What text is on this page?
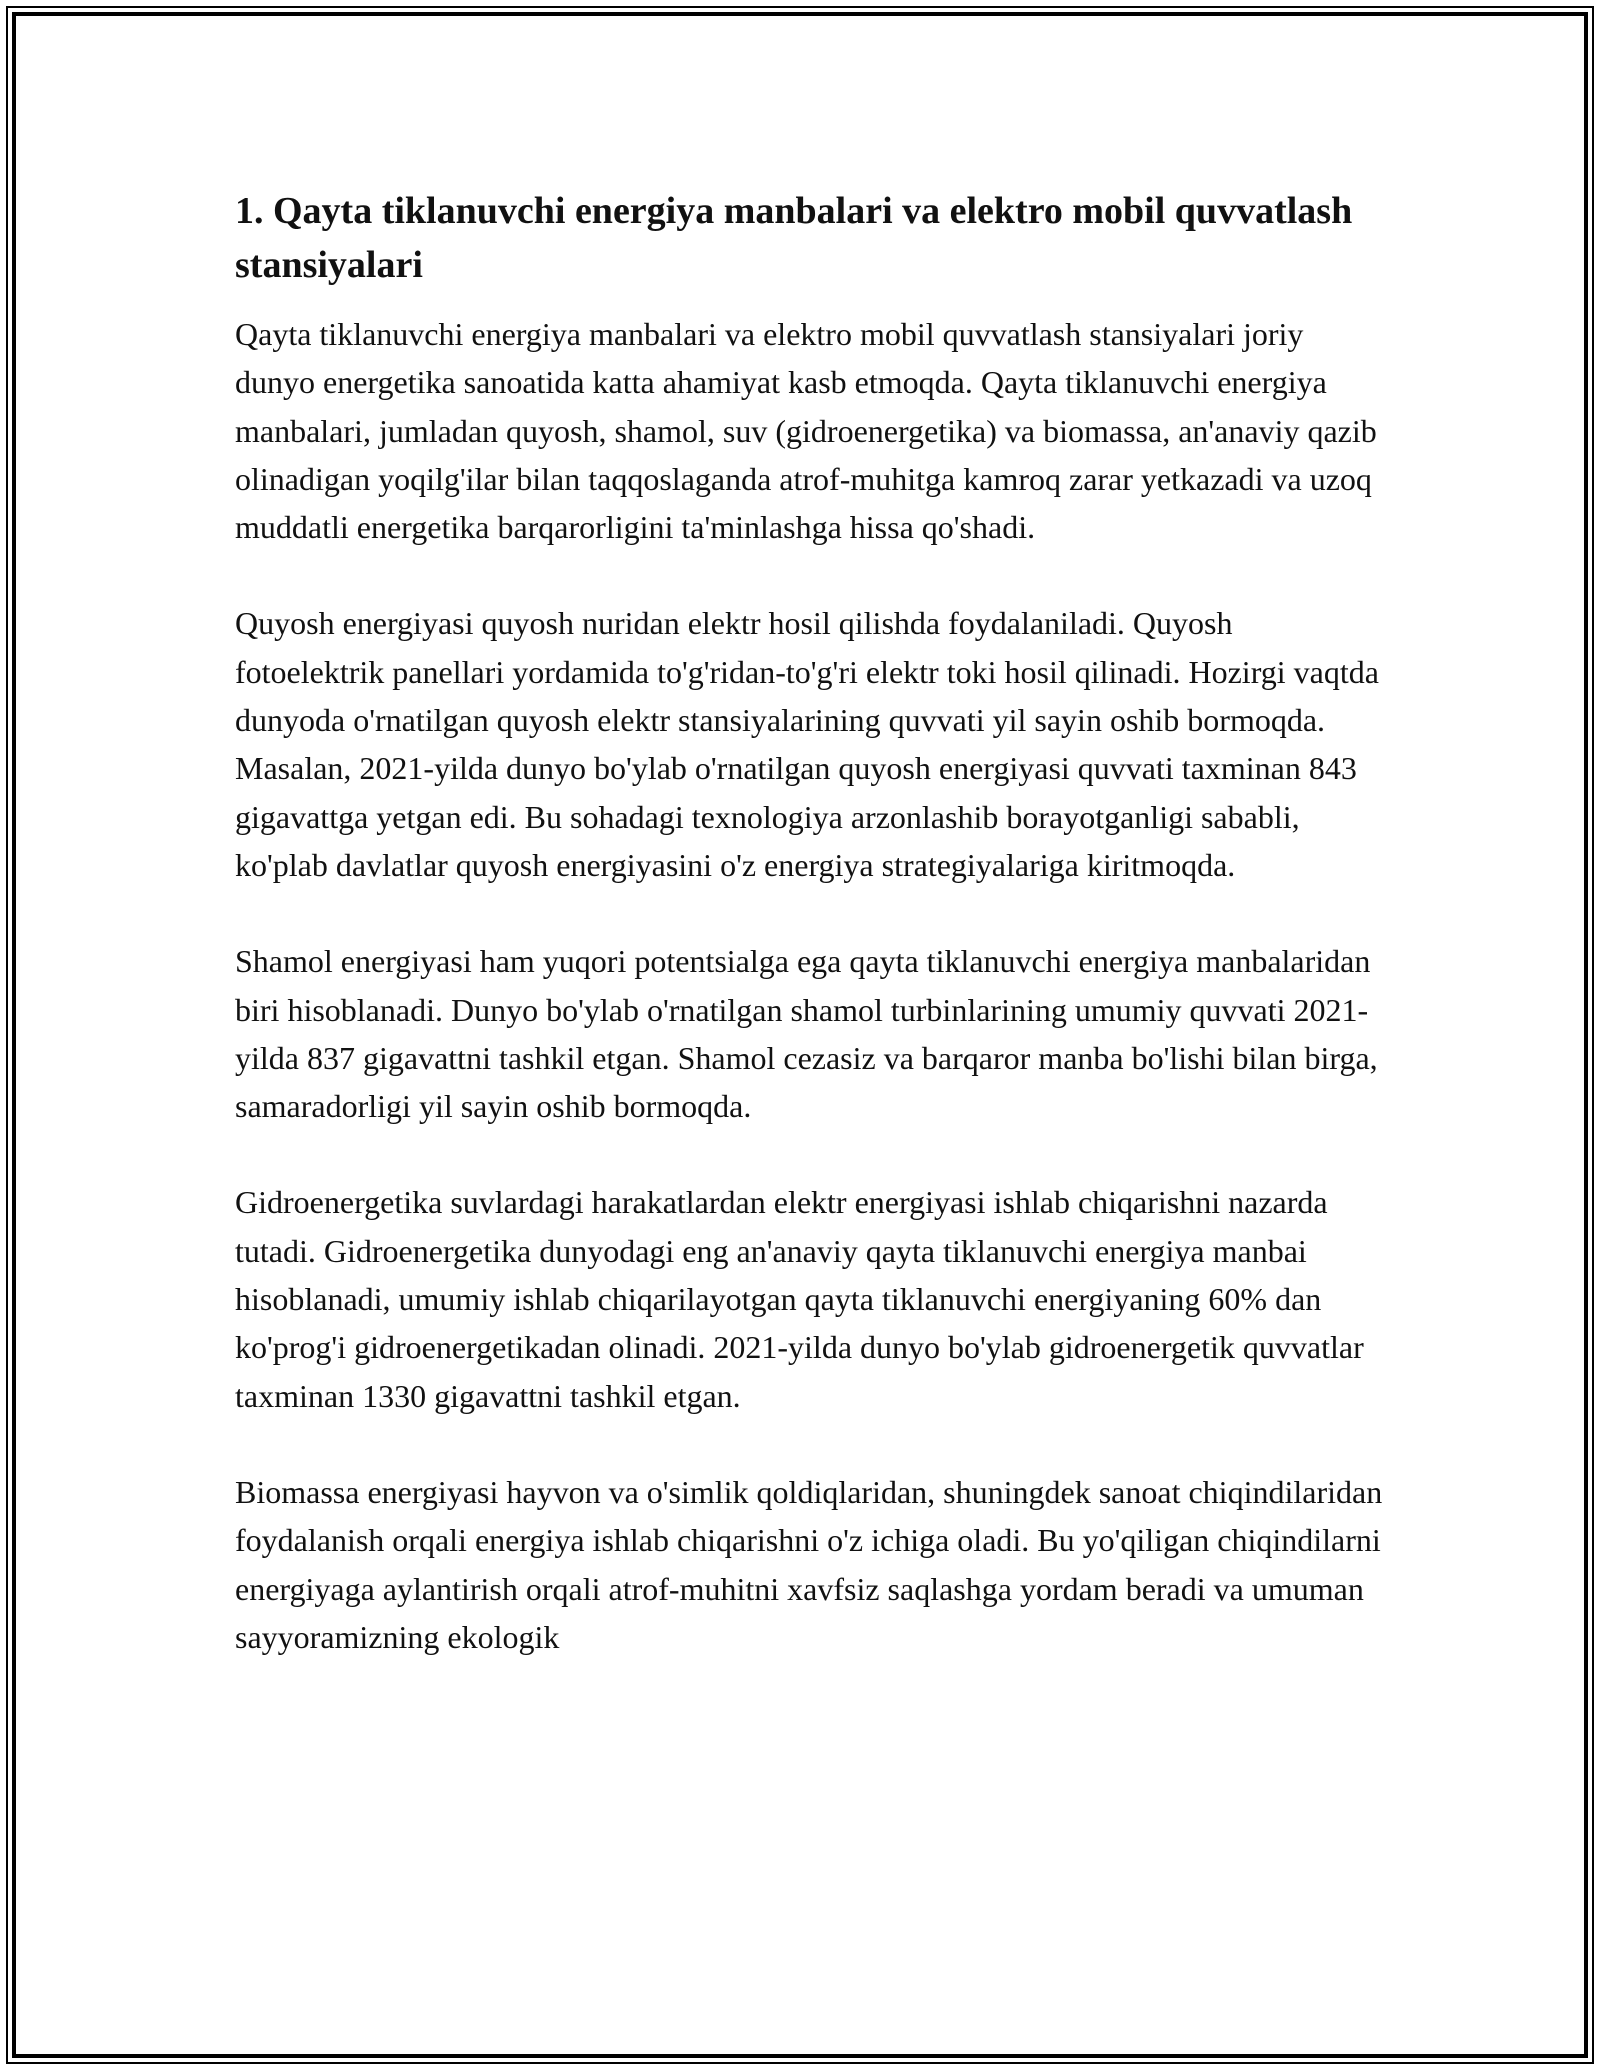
1. Qayta tiklanuvchi energiya manbalari va elektro mobil quvvatlash stansiyalari

Qayta tiklanuvchi energiya manbalari va elektro mobil quvvatlash stansiyalari joriy dunyo energetika sanoatida katta ahamiyat kasb etmoqda. Qayta tiklanuvchi energiya manbalari, jumladan quyosh, shamol, suv (gidroenergetika) va biomassa, an'anaviy qazib olinadigan yoqilg'ilar bilan taqqoslaganda atrof-muhitga kamroq zarar yetkazadi va uzoq muddatli energetika barqarorligini ta'minlashga hissa qo'shadi.

Quyosh energiyasi quyosh nuridan elektr hosil qilishda foydalaniladi. Quyosh fotoelektrik panellari yordamida to'g'ridan-to'g'ri elektr toki hosil qilinadi. Hozirgi vaqtda dunyoda o'rnatilgan quyosh elektr stansiyalarining quvvati yil sayin oshib bormoqda. Masalan, 2021-yilda dunyo bo'ylab o'rnatilgan quyosh energiyasi quvvati taxminan 843 gigavattga yetgan edi. Bu sohadagi texnologiya arzonlashib borayotganligi sababli, ko'plab davlatlar quyosh energiyasini o'z energiya strategiyalariga kiritmoqda.

Shamol energiyasi ham yuqori potentsialga ega qayta tiklanuvchi energiya manbalaridan biri hisoblanadi. Dunyo bo'ylab o'rnatilgan shamol turbinlarining umumiy quvvati 2021-yilda 837 gigavattni tashkil etgan. Shamol cezasiz va barqaror manba bo'lishi bilan birga, samaradorligi yil sayin oshib bormoqda.

Gidroenergetika suvlardagi harakatlardan elektr energiyasi ishlab chiqarishni nazarda tutadi. Gidroenergetika dunyodagi eng an'anaviy qayta tiklanuvchi energiya manbai hisoblanadi, umumiy ishlab chiqarilayotgan qayta tiklanuvchi energiyaning 60% dan ko'prog'i gidroenergetikadan olinadi. 2021-yilda dunyo bo'ylab gidroenergetik quvvatlar taxminan 1330 gigavattni tashkil etgan.

Biomassa energiyasi hayvon va o'simlik qoldiqlaridan, shuningdek sanoat chiqindilaridan foydalanish orqali energiya ishlab chiqarishni o'z ichiga oladi. Bu yo'qiligan chiqindilarni energiyaga aylantirish orqali atrof-muhitni xavfsiz saqlashga yordam beradi va umuman sayyoramizning ekologik
